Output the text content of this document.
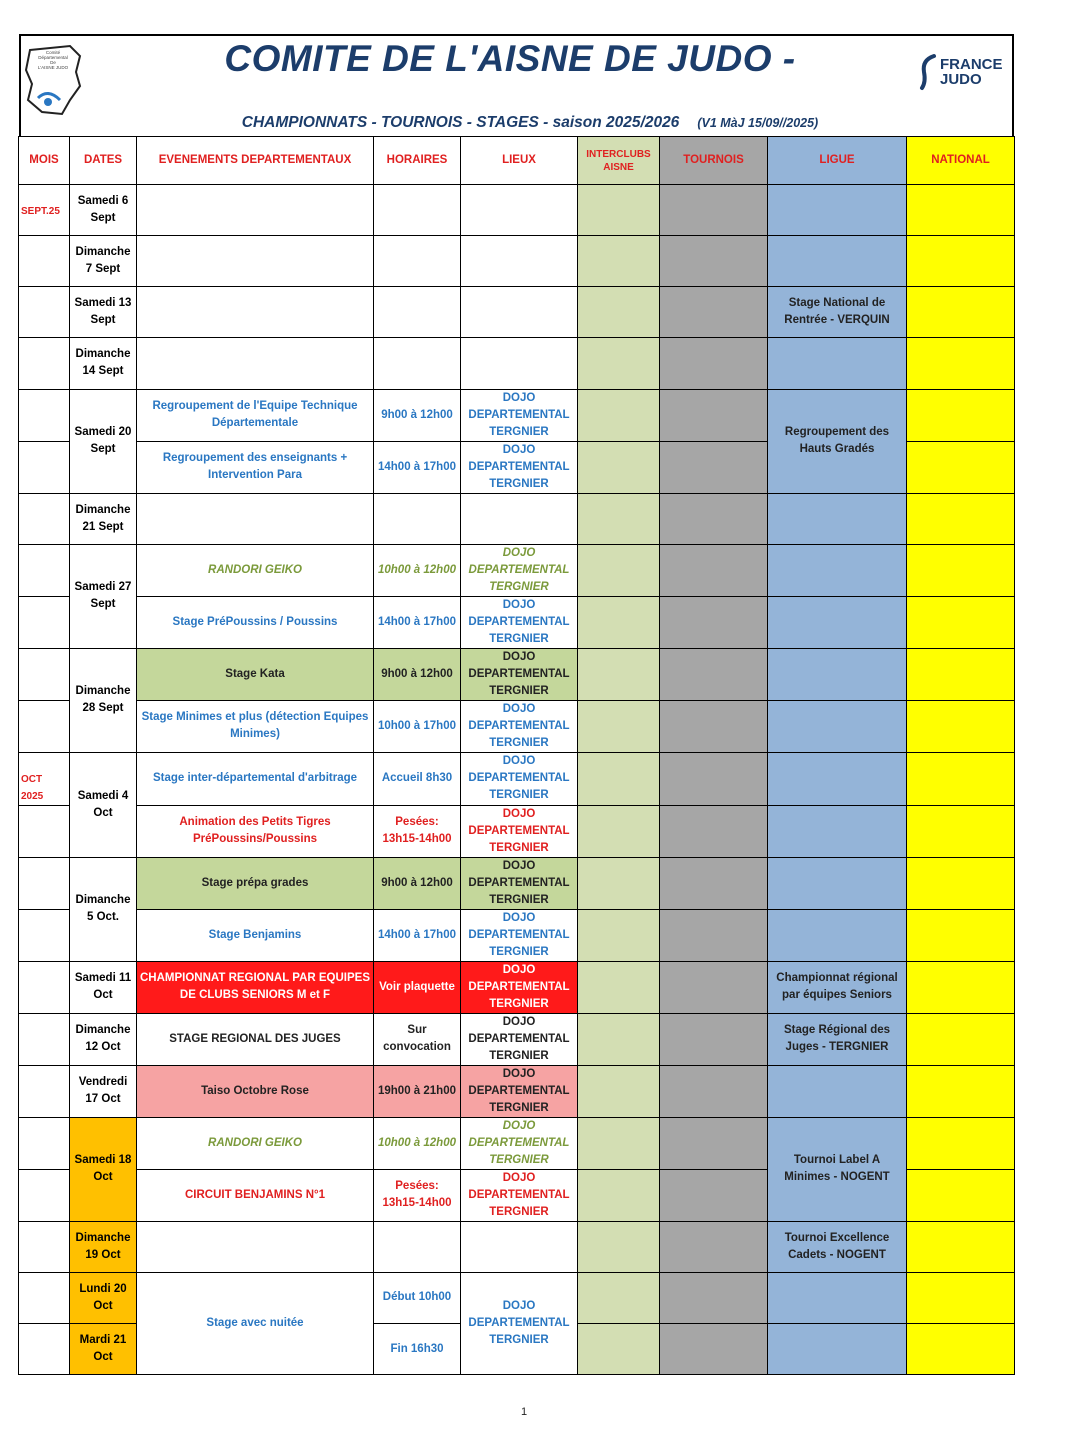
Comité
Départemental
De
L'AISNE JUDO	COMITE DE L'AISNE DE JUDO -	FRANCE
JUDO
CHAMPIONNATS - TOURNOIS - STAGES - saison 2025/2026 (V1 MàJ 15/09//2025)
MOIS	DATES	EVENEMENTS DEPARTEMENTAUX	HORAIRES	LIEUX	INTERCLUBS AISNE	TOURNOIS	LIGUE	NATIONAL
SEPT.25	Samedi 6 Sept							
	Dimanche 7 Sept							
	Samedi 13 Sept						Stage National de Rentrée - VERQUIN	
	Dimanche 14 Sept							
	Samedi 20 Sept	Regroupement de l'Equipe Technique Départementale	9h00 à 12h00	DOJO DEPARTEMENTAL TERGNIER			Regroupement des Hauts Gradés	
		Regroupement des enseignants + Intervention Para	14h00 à 17h00	DOJO DEPARTEMENTAL TERGNIER				
	Dimanche 21 Sept							
	Samedi 27 Sept	RANDORI GEIKO	10h00 à 12h00	DOJO DEPARTEMENTAL TERGNIER				
		Stage PréPoussins / Poussins	14h00 à 17h00	DOJO DEPARTEMENTAL TERGNIER				
	Dimanche 28 Sept	Stage Kata	9h00 à 12h00	DOJO DEPARTEMENTAL TERGNIER				
		Stage Minimes et plus (détection Equipes Minimes)	10h00 à 17h00	DOJO DEPARTEMENTAL TERGNIER				
OCT 2025	Samedi 4 Oct	Stage inter-départemental d'arbitrage	Accueil 8h30	DOJO DEPARTEMENTAL TERGNIER				
		Animation des Petits Tigres PréPoussins/Poussins	Pesées: 13h15-14h00	DOJO DEPARTEMENTAL TERGNIER				
	Dimanche 5 Oct.	Stage prépa grades	9h00 à 12h00	DOJO DEPARTEMENTAL TERGNIER				
		Stage Benjamins	14h00 à 17h00	DOJO DEPARTEMENTAL TERGNIER				
	Samedi 11 Oct	CHAMPIONNAT REGIONAL PAR EQUIPES DE CLUBS SENIORS M et F	Voir plaquette	DOJO DEPARTEMENTAL TERGNIER			Championnat régional par équipes Seniors	
	Dimanche 12 Oct	STAGE REGIONAL DES JUGES	Sur convocation	DOJO DEPARTEMENTAL TERGNIER			Stage Régional des Juges - TERGNIER	
	Vendredi 17 Oct	Taiso Octobre Rose	19h00 à 21h00	DOJO DEPARTEMENTAL TERGNIER				
	Samedi 18 Oct	RANDORI GEIKO	10h00 à 12h00	DOJO DEPARTEMENTAL TERGNIER			Tournoi Label A Minimes - NOGENT	
		CIRCUIT BENJAMINS N°1	Pesées: 13h15-14h00	DOJO DEPARTEMENTAL TERGNIER				
	Dimanche 19 Oct						Tournoi Excellence Cadets - NOGENT	
	Lundi 20 Oct	Stage avec nuitée	Début 10h00	DOJO DEPARTEMENTAL TERGNIER				
	Mardi 21 Oct		Fin 16h30					
1
